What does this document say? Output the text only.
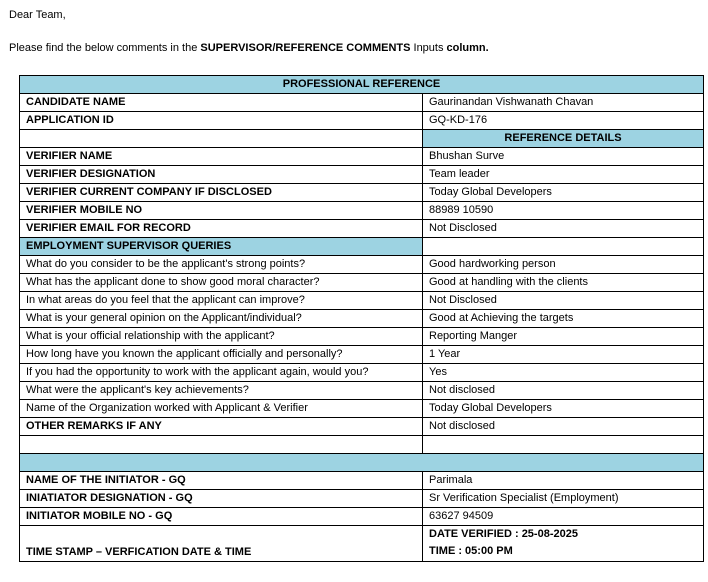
Dear Team,
Please find the below comments in the SUPERVISOR/REFERENCE COMMENTS Inputs column.
PROFESSIONAL REFERENCE	
CANDIDATE NAME	Gaurinandan Vishwanath Chavan
APPLICATION ID	GQ-KD-176
	REFERENCE DETAILS
VERIFIER NAME	Bhushan Surve
VERIFIER DESIGNATION	Team leader
VERIFIER CURRENT COMPANY IF DISCLOSED	Today Global Developers
VERIFIER MOBILE NO	88989 10590
VERIFIER EMAIL FOR RECORD	Not Disclosed
EMPLOYMENT SUPERVISOR QUERIES	
What do you consider to be the applicant's strong points?	Good hardworking person
What has the applicant done to show good moral character?	Good at handling with the clients
In what areas do you feel that the applicant can improve?	Not Disclosed
What is your general opinion on the Applicant/individual?	Good at Achieving the targets
What is your official relationship with the applicant?	Reporting Manger
How long have you known the applicant officially and personally?	1 Year
If you had the opportunity to work with the applicant again, would you?	Yes
What were the applicant's key achievements?	Not disclosed
Name of the Organization worked with Applicant & Verifier	Today Global Developers
OTHER REMARKS IF ANY	Not disclosed

NAME OF THE INITIATOR - GQ	Parimala
INIATIATOR DESIGNATION - GQ	Sr Verification Specialist (Employment)
INITIATOR MOBILE NO - GQ	63627 94509
TIME STAMP – VERFICATION DATE & TIME	DATE VERIFIED : 25-08-2025
TIME : 05:00 PM
